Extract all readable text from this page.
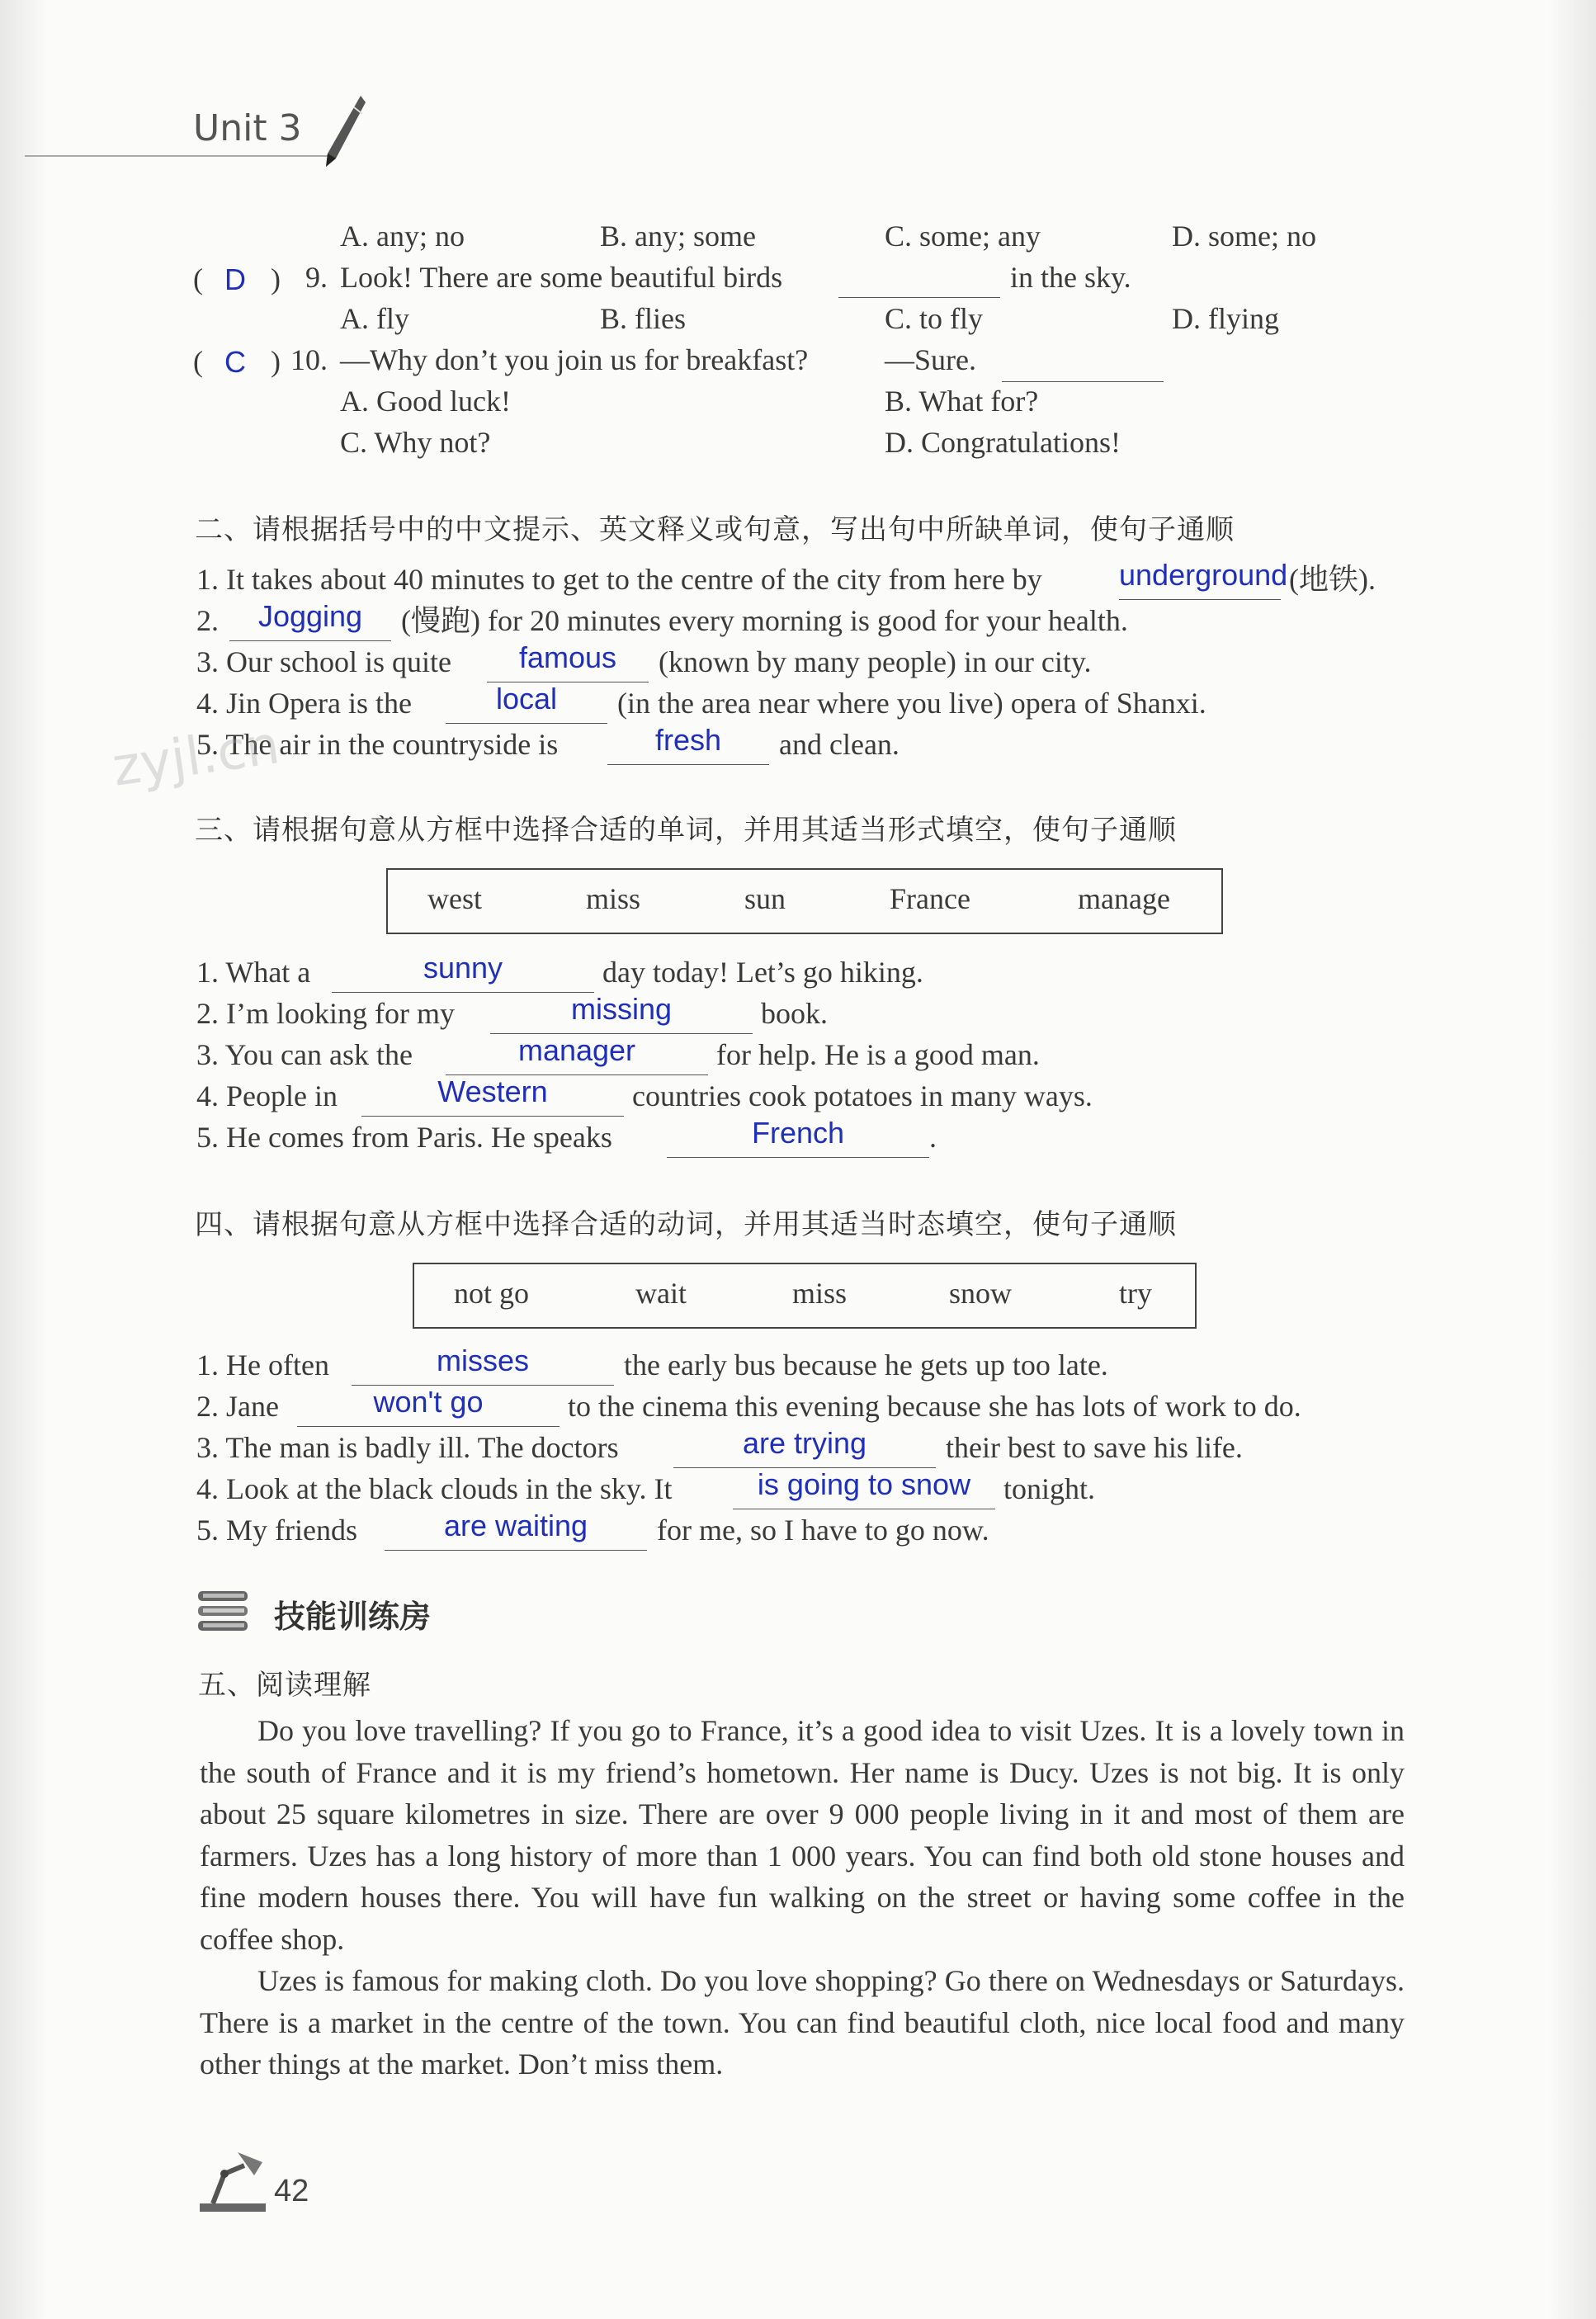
Unit 3
A. any; no	B. any; some	C. some; any	D. some; no
( D ) 9. Look! There are some beautiful birds	in the sky.
A. fly	B. flies	C. to fly	D. flying
( C ) 10. —Why don’t you join us for breakfast?	—Sure.
A. Good luck!	B. What for?
C. Why not?	D. Congratulations!
二、请根据括号中的中文提示、英文释义或句意，写出句中所缺单词，使句子通顺
1. It takes about 40 minutes to get to the centre of the city from here by	underground (地铁).
2.	Jogging	(慢跑) for 20 minutes every morning is good for your health.
3. Our school is quite	famous	(known by many people) in our city.
4. Jin Opera is the	local	(in the area near where you live) opera of Shanxi.
5. The air in the countryside is	fresh	and clean.
zyjl.cn
三、请根据句意从方框中选择合适的单词，并用其适当形式填空，使句子通顺
west	miss	sun	France	manage
1. What a	sunny	day today! Let’s go hiking.
2. I’m looking for my	missing	book.
3. You can ask the	manager	for help. He is a good man.
4. People in	Western	countries cook potatoes in many ways.
5. He comes from Paris. He speaks	French	.
四、请根据句意从方框中选择合适的动词，并用其适当时态填空，使句子通顺
not go	wait	miss	snow	try
1. He often	misses	the early bus because he gets up too late.
2. Jane	won't go	to the cinema this evening because she has lots of work to do.
3. The man is badly ill. The doctors	are trying	their best to save his life.
4. Look at the black clouds in the sky. It	is going to snow	tonight.
5. My friends	are waiting	for me, so I have to go now.
技能训练房
五、阅读理解

Do you love travelling? If you go to France, it’s a good idea to visit Uzes. It is a lovely town in the south of France and it is my friend’s hometown. Her name is Ducy. Uzes is not big. It is only about 25 square kilometres in size. There are over 9 000 people living in it and most of them are farmers. Uzes has a long history of more than 1 000 years. You can find both old stone houses and fine modern houses there. You will have fun walking on the street or having some coffee in the coffee shop.

Uzes is famous for making cloth. Do you love shopping? Go there on Wednesdays or Saturdays. There is a market in the centre of the town. You can find beautiful cloth, nice local food and many other things at the market. Don’t miss them.

42
